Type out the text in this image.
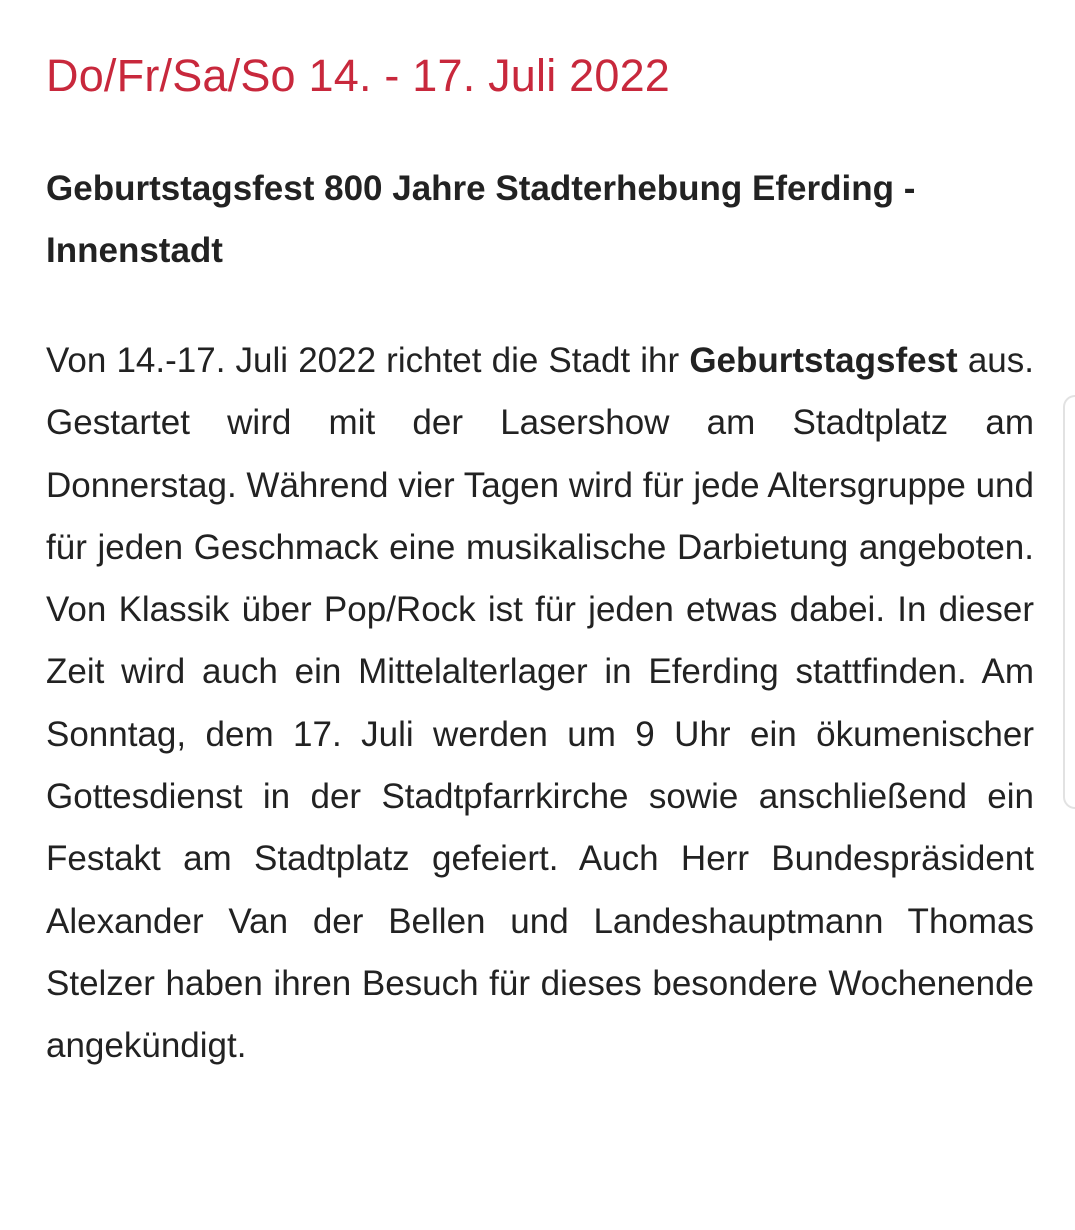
Do/Fr/Sa/So 14. - 17. Juli 2022
Geburtstagsfest 800 Jahre Stadterhebung Eferding - Innenstadt

Von 14.-17. Juli 2022 richtet die Stadt ihr Geburtstagsfest aus. Gestartet wird mit der Lasershow am Stadtplatz am Donnerstag. Während vier Tagen wird für jede Altersgruppe und für jeden Geschmack eine musikalische Darbietung angeboten. Von Klassik über Pop/Rock ist für jeden etwas dabei. In dieser Zeit wird auch ein Mittelalterlager in Eferding stattfinden. Am Sonntag, dem 17. Juli werden um 9 Uhr ein ökumenischer Gottesdienst in der Stadtpfarrkirche sowie anschließend ein Festakt am Stadtplatz gefeiert. Auch Herr Bundespräsident Alexander Van der Bellen und Landeshauptmann Thomas Stelzer haben ihren Besuch für dieses besondere Wochenende angekündigt.
